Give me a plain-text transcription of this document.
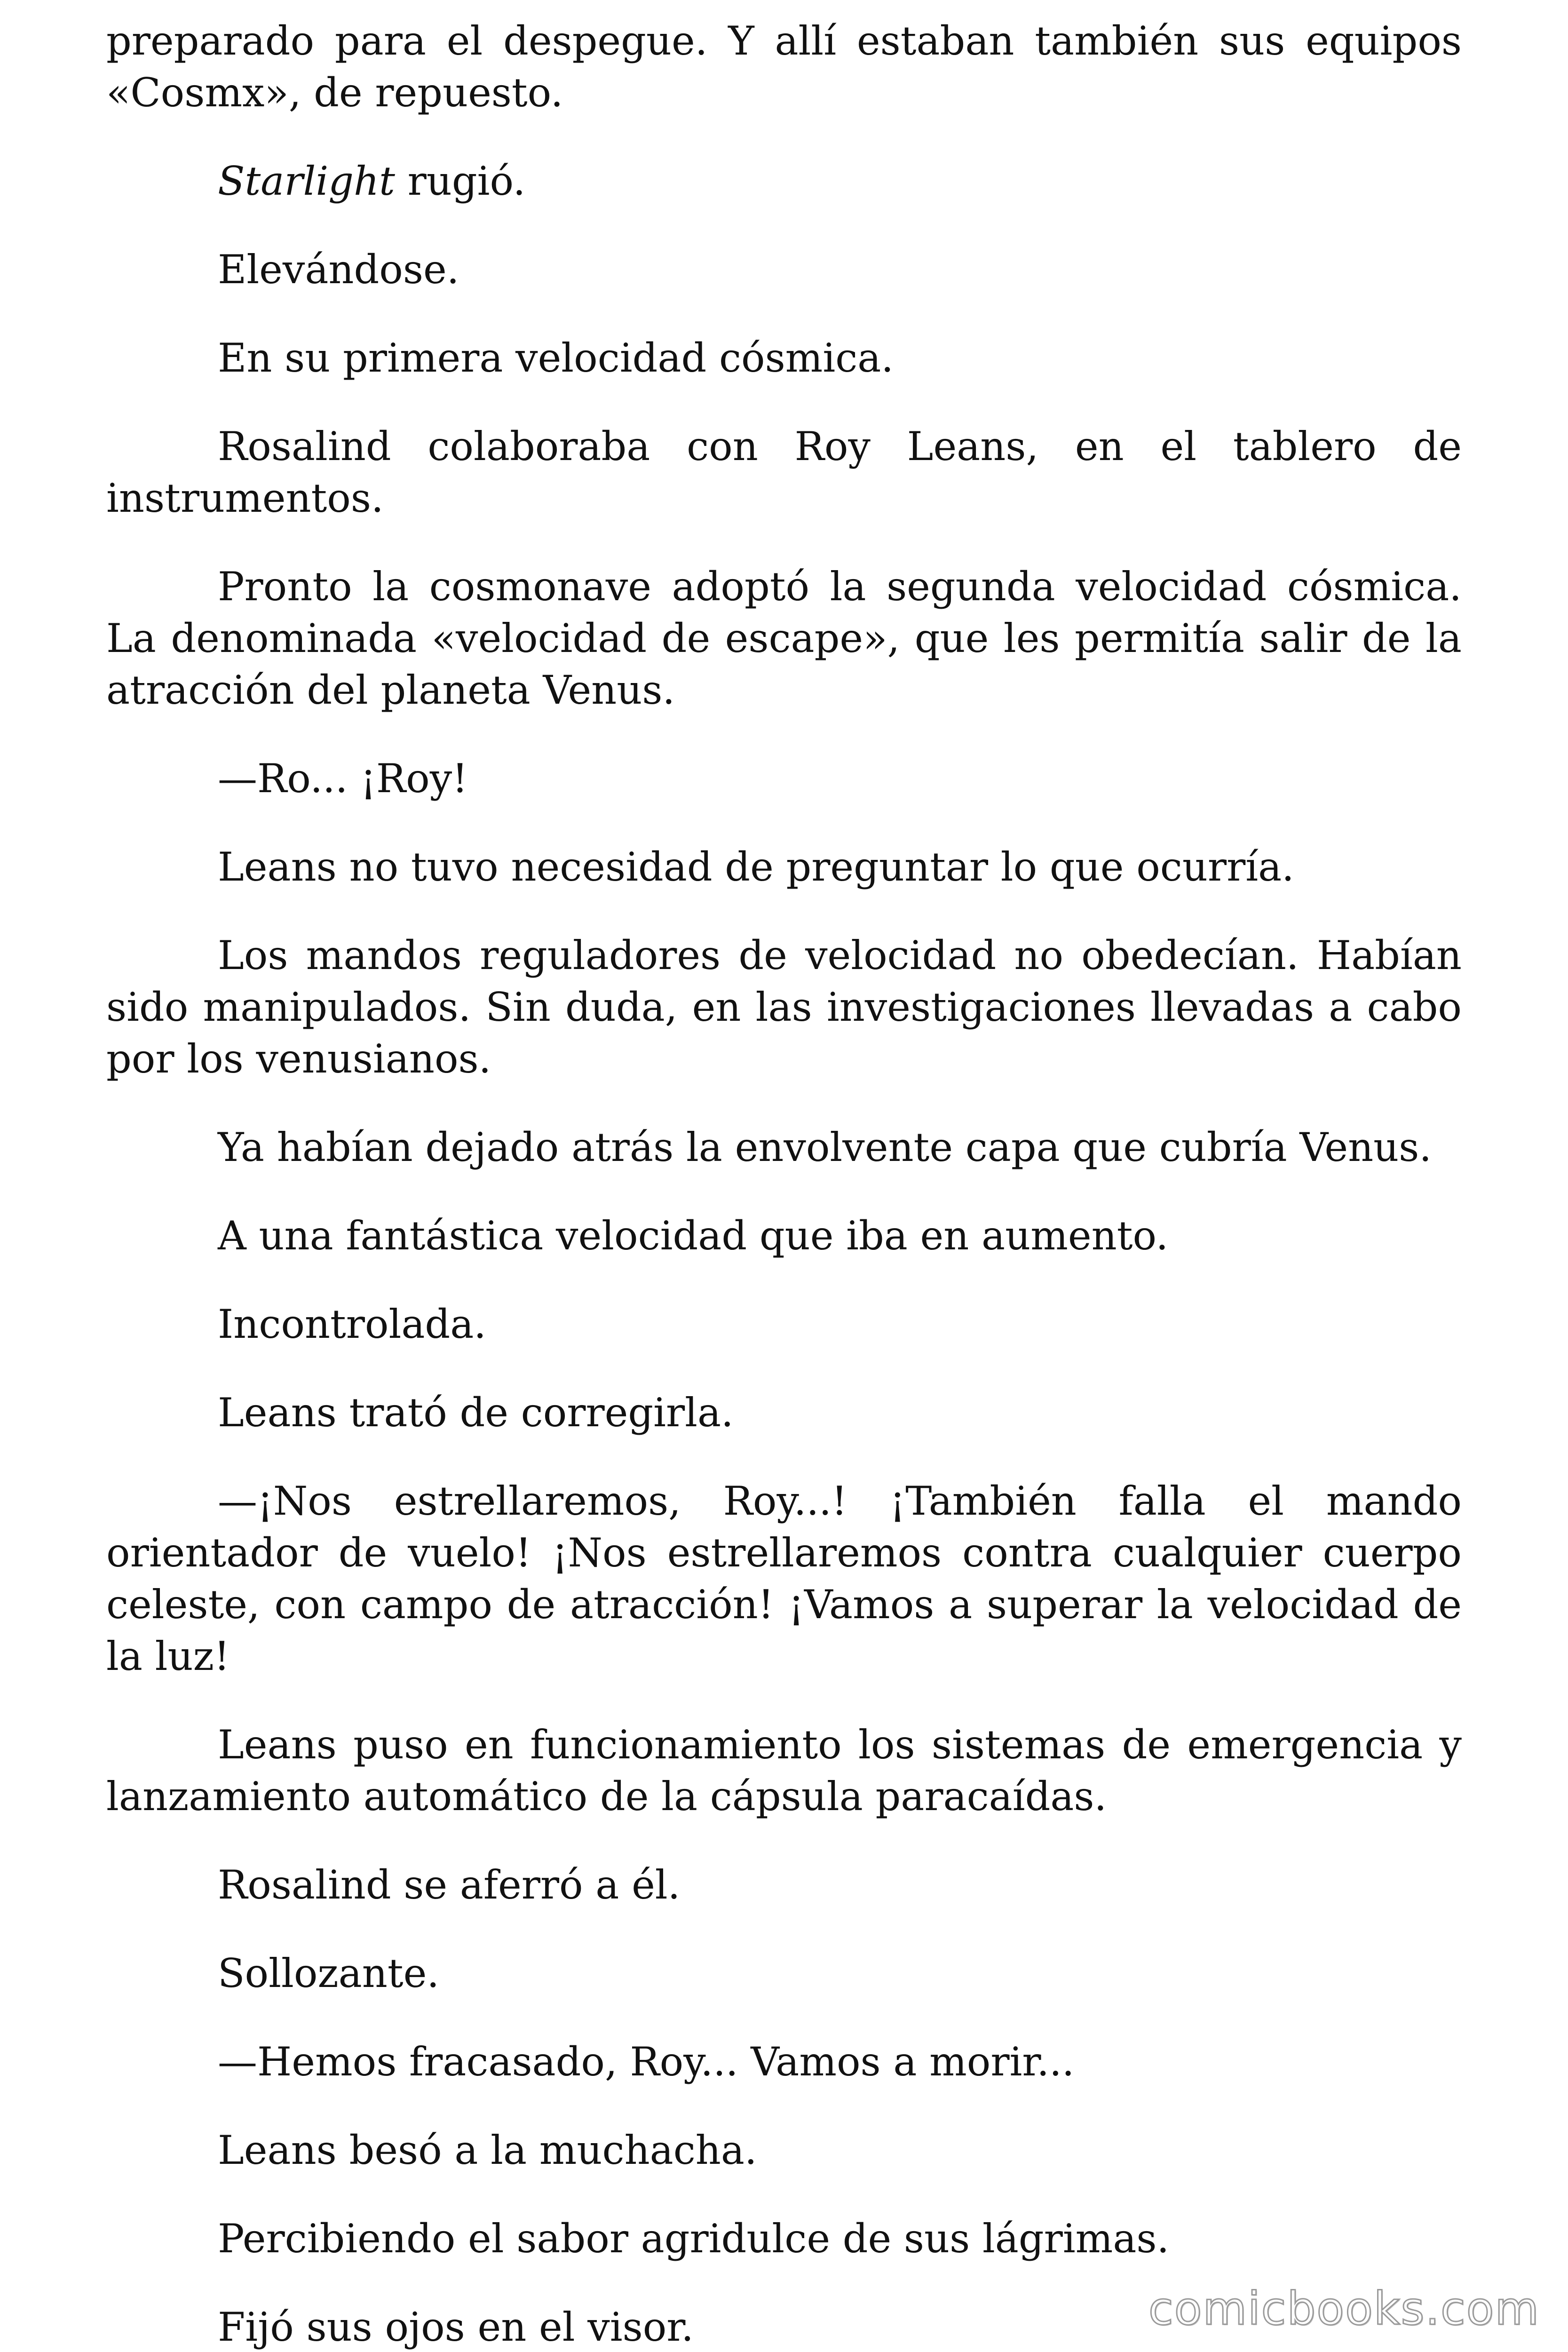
preparado para el despegue. Y allí estaban también sus equipos «Cosmx», de repuesto.

Starlight rugió.

Elevándose.

En su primera velocidad cósmica.

Rosalind colaboraba con Roy Leans, en el tablero de instrumentos.

Pronto la cosmonave adoptó la segunda velocidad cósmica. La denominada «velocidad de escape», que les permitía salir de la atracción del planeta Venus.

—Ro... ¡Roy!

Leans no tuvo necesidad de preguntar lo que ocurría.

Los mandos reguladores de velocidad no obedecían. Habían sido manipulados. Sin duda, en las investigaciones llevadas a cabo por los venusianos.

Ya habían dejado atrás la envolvente capa que cubría Venus.

A una fantástica velocidad que iba en aumento.

Incontrolada.

Leans trató de corregirla.

—¡Nos estrellaremos, Roy...! ¡También falla el mando orientador de vuelo! ¡Nos estrellaremos contra cualquier cuerpo celeste, con campo de atracción! ¡Vamos a superar la velocidad de la luz!

Leans puso en funcionamiento los sistemas de emergencia y lanzamiento automático de la cápsula paracaídas.

Rosalind se aferró a él.

Sollozante.

—Hemos fracasado, Roy... Vamos a morir...

Leans besó a la muchacha.

Percibiendo el sabor agridulce de sus lágrimas.

Fijó sus ojos en el visor.	comicbooks.com
